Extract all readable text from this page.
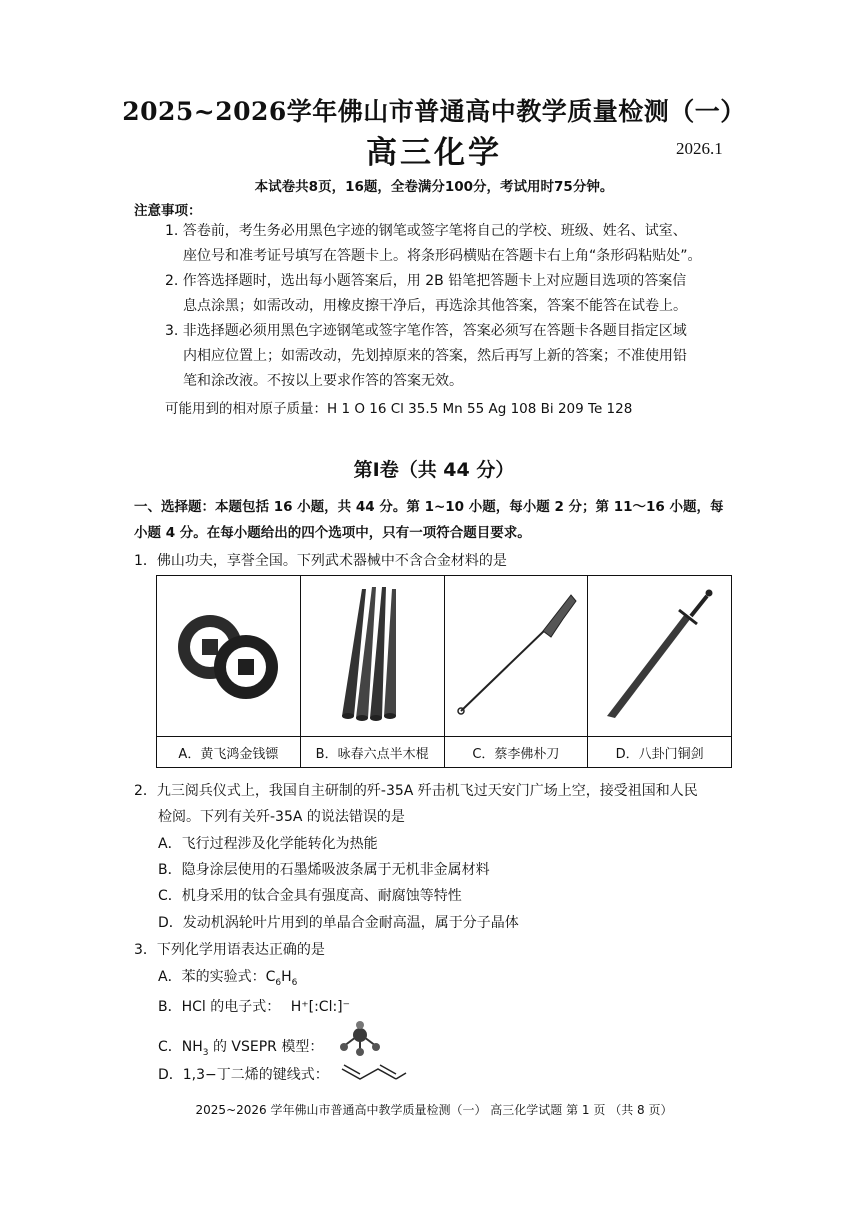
2025~2026学年佛山市普通高中教学质量检测（一）
高三化学	2026.1
本试卷共8页，16题，全卷满分100分，考试用时75分钟。
注意事项：
1. 答卷前，考生务必用黑色字迹的钢笔或签字笔将自己的学校、班级、姓名、试室、
座位号和准考证号填写在答题卡上。将条形码横贴在答题卡右上角“条形码粘贴处”。
2. 作答选择题时，选出每小题答案后，用 2B 铅笔把答题卡上对应题目选项的答案信
息点涂黑；如需改动，用橡皮擦干净后，再选涂其他答案，答案不能答在试卷上。
3. 非选择题必须用黑色字迹钢笔或签字笔作答，答案必须写在答题卡各题目指定区域
内相应位置上；如需改动，先划掉原来的答案，然后再写上新的答案；不准使用铅
笔和涂改液。不按以上要求作答的答案无效。
可能用到的相对原子质量：H 1 O 16 Cl 35.5 Mn 55 Ag 108 Bi 209 Te 128
第Ⅰ卷（共 44 分）
一、选择题：本题包括 16 小题，共 44 分。第 1~10 小题，每小题 2 分；第 11～16 小题，每
小题 4 分。在每小题给出的四个选项中，只有一项符合题目要求。
1．佛山功夫，享誉全国。下列武术器械中不含合金材料的是

A．黄飞鸿金钱镖	B．咏春六点半木棍	C．蔡李佛朴刀	D．八卦门铜剑
2．九三阅兵仪式上，我国自主研制的歼-35A 歼击机飞过天安门广场上空，接受祖国和人民
检阅。下列有关歼-35A 的说法错误的是
A．飞行过程涉及化学能转化为热能
B．隐身涂层使用的石墨烯吸波条属于无机非金属材料
C．机身采用的钛合金具有强度高、耐腐蚀等特性
D．发动机涡轮叶片用到的单晶合金耐高温，属于分子晶体
3．下列化学用语表达正确的是
A．苯的实验式：$C_6H_6$
B．HCl 的电子式： H⁺[:Cl:]⁻
C．$NH_3$ 的 VSEPR 模型：
D．1,3−丁二烯的键线式：
2025~2026 学年佛山市普通高中教学质量检测（一） 高三化学试题 第 1 页 （共 8 页）
